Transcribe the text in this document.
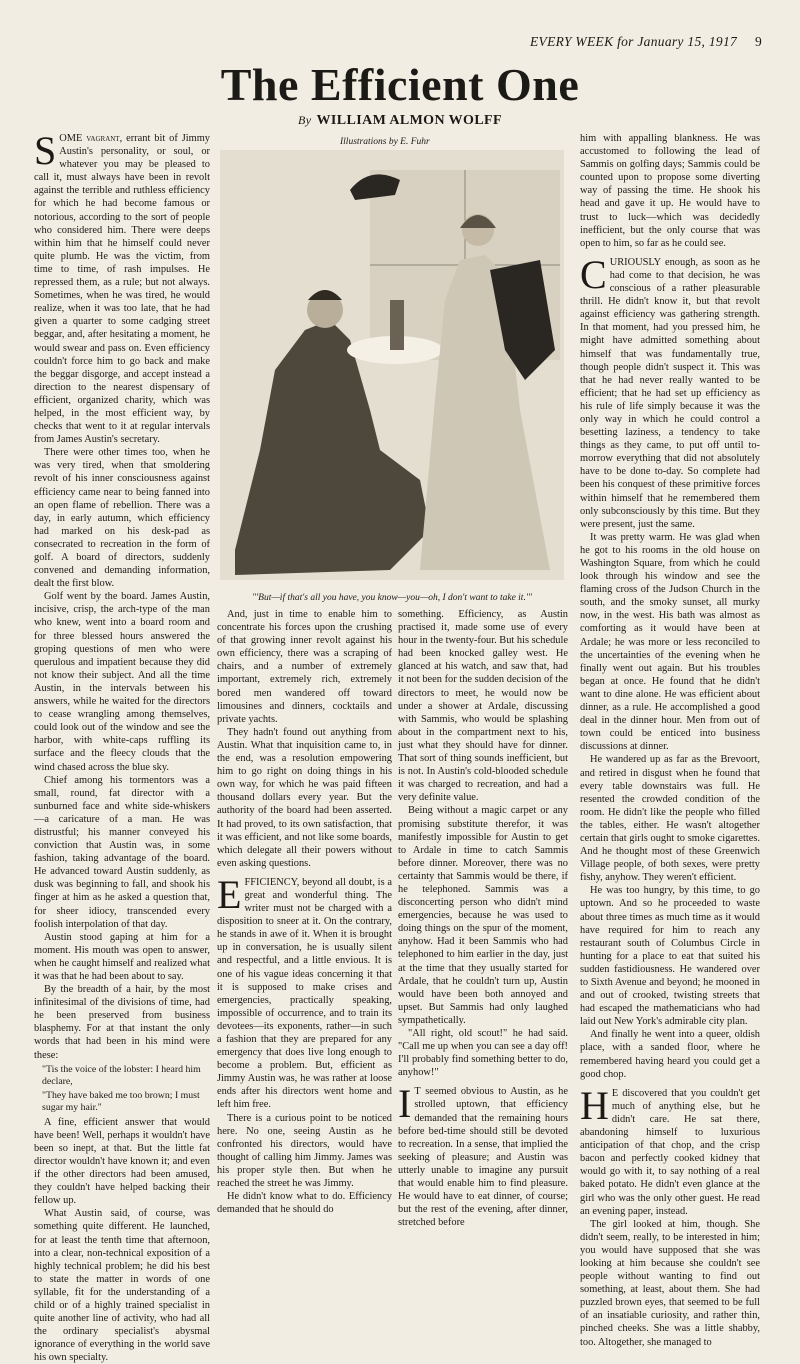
EVERY WEEK for January 15, 1917 9
The Efficient One
By WILLIAM ALMON WOLFF
Illustrations by E. Fuhr
"'But—if that's all you have, you know—you—oh, I don't want to take it.'"

SOME vagrant, errant bit of Jimmy Austin's personality, or soul, or whatever you may be pleased to call it, must always have been in revolt against the terrible and ruthless efficiency for which he had become famous or notorious, according to the sort of people who considered him. There were deeps within him that he himself could never quite plumb. He was the victim, from time to time, of rash impulses. He repressed them, as a rule; but not always. Sometimes, when he was tired, he would realize, when it was too late, that he had given a quarter to some cadging street beggar, and, after hesitating a moment, he would swear and pass on. Even efficiency couldn't force him to go back and make the beggar disgorge, and accept instead a direction to the nearest dispensary of efficient, organized charity, which was helped, in the most efficient way, by checks that went to it at regular intervals from James Austin's secretary.

There were other times too, when he was very tired, when that smoldering revolt of his inner consciousness against efficiency came near to being fanned into an open flame of rebellion. There was a day, in early autumn, which efficiency had marked on his desk-pad as consecrated to recreation in the form of golf. A board of directors, suddenly convened and demanding information, dealt the first blow.

Golf went by the board. James Austin, incisive, crisp, the arch-type of the man who knew, went into a board room and for three blessed hours answered the groping questions of men who were querulous and impatient because they did not know their subject. And all the time Austin, in the intervals between his answers, while he waited for the directors to cease wrangling among themselves, could look out of the window and see the harbor, with white-caps ruffling its surface and the fleecy clouds that the wind chased across the blue sky.

Chief among his tormentors was a small, round, fat director with a sunburned face and white side-whiskers—a caricature of a man. He was distrustful; his manner conveyed his conviction that Austin was, in some fashion, taking advantage of the board. He advanced toward Austin suddenly, as dusk was beginning to fall, and shook his finger at him as he asked a question that, for sheer idiocy, transcended every foolish interpolation of that day.

Austin stood gaping at him for a moment. His mouth was open to answer, when he caught himself and realized what it was that he had been about to say.

By the breadth of a hair, by the most infinitesimal of the divisions of time, had he been preserved from business blasphemy. For at that instant the only words that had been in his mind were these:

"Tis the voice of the lobster: I heard him declare,

"They have baked me too brown; I must sugar my hair."

A fine, efficient answer that would have been! Well, perhaps it wouldn't have been so inept, at that. But the little fat director wouldn't have known it; and even if the other directors had been amused, they couldn't have helped backing their fellow up.

What Austin said, of course, was something quite different. He launched, for at least the tenth time that afternoon, into a clear, non-technical exposition of a highly technical problem; he did his best to state the matter in words of one syllable, fit for the understanding of a child or of a highly trained specialist in quite another line of activity, who had all the ordinary specialist's abysmal ignorance of everything in the world save his own specialty.

And, just in time to enable him to concentrate his forces upon the crushing of that growing inner revolt against his own efficiency, there was a scraping of chairs, and a number of extremely important, extremely rich, extremely bored men wandered off toward limousines and dinners, cocktails and private yachts.

They hadn't found out anything from Austin. What that inquisition came to, in the end, was a resolution empowering him to go right on doing things in his own way, for which he was paid fifteen thousand dollars every year. But the authority of the board had been asserted. It had proved, to its own satisfaction, that it was efficient, and not like some boards, which delegate all their powers without even asking questions.

EFFICIENCY, beyond all doubt, is a great and wonderful thing. The writer must not be charged with a disposition to sneer at it. On the contrary, he stands in awe of it. When it is brought up in conversation, he is usually silent and respectful, and a little envious. It is one of his vague ideas concerning it that it is supposed to make crises and emergencies, practically speaking, impossible of occurrence, and to train its devotees—its exponents, rather—in such a fashion that they are prepared for any emergency that does live long enough to become a problem. But, efficient as Jimmy Austin was, he was rather at loose ends after his directors went home and left him free.

There is a curious point to be noticed here. No one, seeing Austin as he confronted his directors, would have thought of calling him Jimmy. James was his proper style then. But when he reached the street he was Jimmy.

He didn't know what to do. Efficiency demanded that he should do

something. Efficiency, as Austin practised it, made some use of every hour in the twenty-four. But his schedule had been knocked galley west. He glanced at his watch, and saw that, had it not been for the sudden decision of the directors to meet, he would now be under a shower at Ardale, discussing with Sammis, who would be splashing about in the compartment next to his, just what they should have for dinner. That sort of thing sounds inefficient, but is not. In Austin's cold-blooded schedule it was charged to recreation, and had a very definite value.

Being without a magic carpet or any promising substitute therefor, it was manifestly impossible for Austin to get to Ardale in time to catch Sammis before dinner. Moreover, there was no certainty that Sammis would be there, if he telephoned. Sammis was a disconcerting person who didn't mind emergencies, because he was used to doing things on the spur of the moment, anyhow. Had it been Sammis who had telephoned to him earlier in the day, just at the time that they usually started for Ardale, that he couldn't turn up, Austin would have been both annoyed and upset. But Sammis had only laughed sympathetically.

"All right, old scout!" he had said. "Call me up when you can see a day off! I'll probably find something better to do, anyhow!"

I T seemed obvious to Austin, as he strolled uptown, that efficiency demanded that the remaining hours before bed-time should still be devoted to recreation. In a sense, that implied the seeking of pleasure; and Austin was utterly unable to imagine any pursuit that would enable him to find pleasure. He would have to eat dinner, of course; but the rest of the evening, after dinner, stretched before

him with appalling blankness. He was accustomed to following the lead of Sammis on golfing days; Sammis could be counted upon to propose some diverting way of passing the time. He shook his head and gave it up. He would have to trust to luck—which was decidedly inefficient, but the only course that was open to him, so far as he could see.

CURIOUSLY enough, as soon as he had come to that decision, he was conscious of a rather pleasurable thrill. He didn't know it, but that revolt against efficiency was gathering strength. In that moment, had you pressed him, he might have admitted something about himself that was fundamentally true, though people didn't suspect it. This was that he had never really wanted to be efficient; that he had set up efficiency as his rule of life simply because it was the only way in which he could control a besetting laziness, a tendency to take things as they came, to put off until to-morrow everything that did not absolutely have to be done to-day. So complete had been his conquest of these primitive forces within himself that he remembered them only subconsciously by this time. But they were present, just the same.

It was pretty warm. He was glad when he got to his rooms in the old house on Washington Square, from which he could look through his window and see the flaming cross of the Judson Church in the south, and the smoky sunset, all murky now, in the west. His bath was almost as comforting as it would have been at Ardale; he was more or less reconciled to the uncertainties of the evening when he finally went out again. But his troubles began at once. He found that he didn't want to dine alone. He was efficient about dinner, as a rule. He accomplished a good deal in the dinner hour. Men from out of town could be enticed into business discussions at dinner.

He wandered up as far as the Brevoort, and retired in disgust when he found that every table downstairs was full. He resented the crowded condition of the room. He didn't like the people who filled the tables, either. He wasn't altogether certain that girls ought to smoke cigarettes. And he thought most of these Greenwich Village people, of both sexes, were pretty fishy, anyhow. They weren't efficient.

He was too hungry, by this time, to go uptown. And so he proceeded to waste about three times as much time as it would have required for him to reach any restaurant south of Columbus Circle in hunting for a place to eat that suited his sudden fastidiousness. He wandered over to Sixth Avenue and beyond; he mooned in and out of crooked, twisting streets that had escaped the mathematicians who had laid out New York's admirable city plan.

And finally he went into a queer, oldish place, with a sanded floor, where he remembered having heard you could get a good chop.

H E discovered that you couldn't get much of anything else, but he didn't care. He sat there, abandoning himself to luxurious anticipation of that chop, and the crisp bacon and perfectly cooked kidney that would go with it, to say nothing of a real baked potato. He didn't even glance at the girl who was the only other guest. He read an evening paper, instead.

The girl looked at him, though. She didn't seem, really, to be interested in him; you would have supposed that she was looking at him because she couldn't see people without wanting to find out something, at least, about them. She had puzzled brown eyes, that seemed to be full of an insatiable curiosity, and rather thin, pinched cheeks. She was a little shabby, too. Altogether, she managed to
